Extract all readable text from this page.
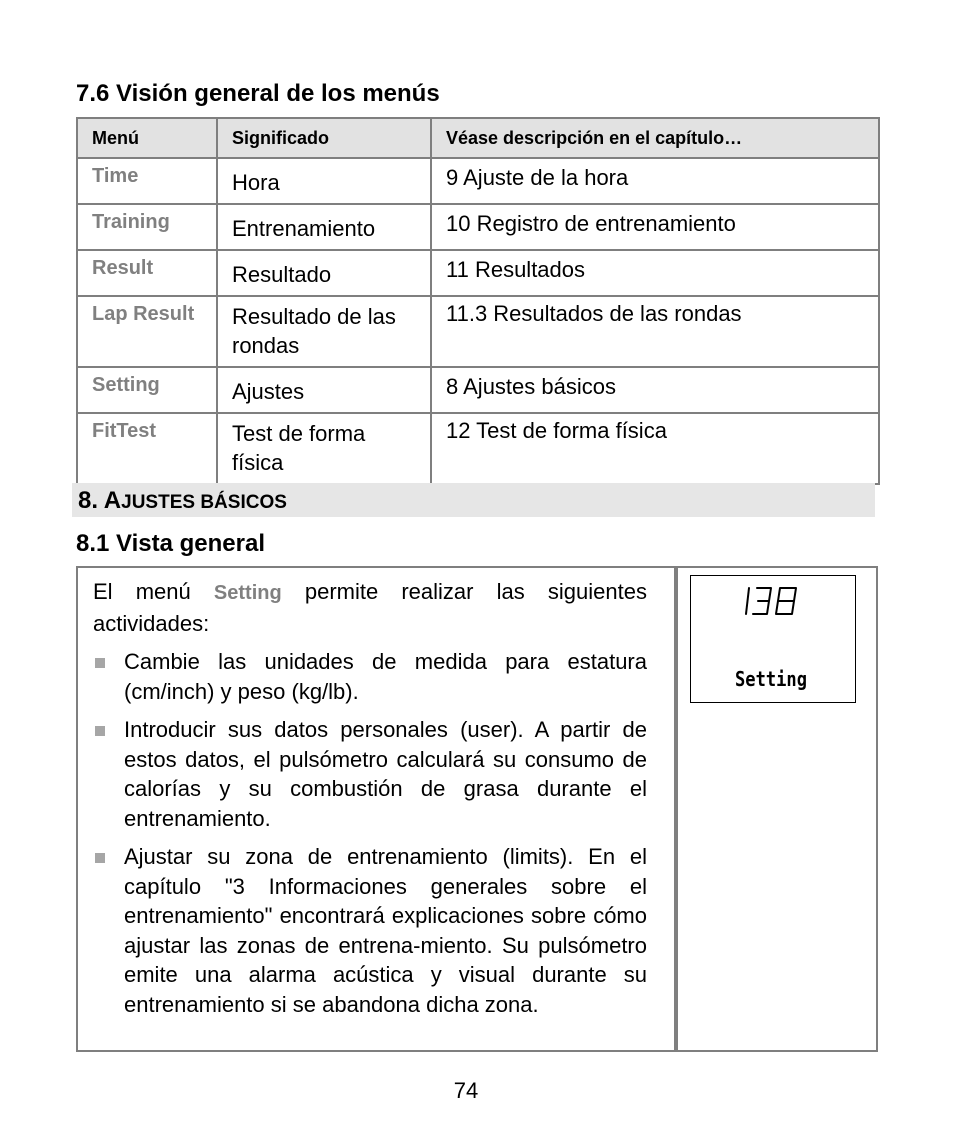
7.6 Visión general de los menús
Menú	Significado	Véase descripción en el capítulo…
Time	Hora	9 Ajuste de la hora
Training	Entrenamiento	10 Registro de entrenamiento
Result	Resultado	11 Resultados
Lap Result	Resultado de las rondas	11.3 Resultados de las rondas
Setting	Ajustes	8 Ajustes básicos
FitTest	Test de forma física	12 Test de forma física
8. AJUSTES BÁSICOS
8.1 Vista general

El menú Setting permite realizar las siguientes actividades:

Cambie las unidades de medida para estatura (cm/inch) y peso (kg/lb).
Introducir sus datos personales (user). A partir de estos datos, el pulsómetro calculará su consumo de calorías y su combustión de grasa durante el entrenamiento.
Ajustar su zona de entrenamiento (limits). En el capítulo "3 Informaciones generales sobre el entrenamiento" encontrará explicaciones sobre cómo ajustar las zonas de entrena-miento. Su pulsómetro emite una alarma acústica y visual durante su entrenamiento si se abandona dicha zona.
Setting
74
